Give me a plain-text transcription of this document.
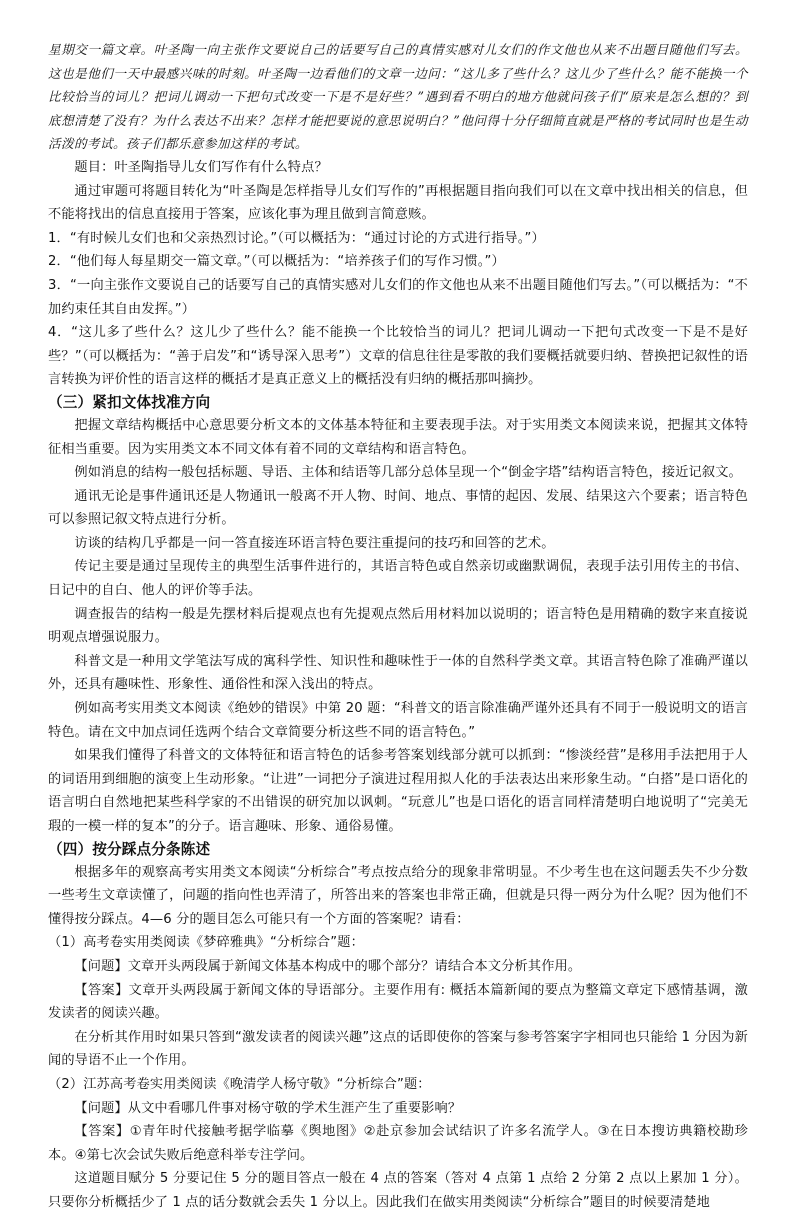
星期交一篇文章。叶圣陶一向主张作文要说自己的话要写自己的真情实感对儿女们的作文他也从来不出题目随他们写去。这也是他们一天中最感兴味的时刻。叶圣陶一边看他们的文章一边问：“这儿多了些什么？这儿少了些什么？能不能换一个比较恰当的词儿？把词儿调动一下把句式改变一下是不是好些？”遇到看不明白的地方他就问孩子们“原来是怎么想的？到底想清楚了没有？为什么表达不出来？怎样才能把要说的意思说明白？”他问得十分仔细简直就是严格的考试同时也是生动活泼的考试。孩子们都乐意参加这样的考试。

题目：叶圣陶指导儿女们写作有什么特点？

通过审题可将题目转化为“叶圣陶是怎样指导儿女们写作的”再根据题目指向我们可以在文章中找出相关的信息，但不能将找出的信息直接用于答案，应该化事为理且做到言简意赅。

1．“有时候儿女们也和父亲热烈讨论。”（可以概括为：“通过讨论的方式进行指导。”）

2．“他们每人每星期交一篇文章。”（可以概括为：“培养孩子们的写作习惯。”）

3．“一向主张作文要说自己的话要写自己的真情实感对儿女们的作文他也从来不出题目随他们写去。”（可以概括为：“不加约束任其自由发挥。”）

4．“这儿多了些什么？这儿少了些什么？能不能换一个比较恰当的词儿？把词儿调动一下把句式改变一下是不是好些？”（可以概括为：“善于启发”和“诱导深入思考”）文章的信息往往是零散的我们要概括就要归纳、替换把记叙性的语言转换为评价性的语言这样的概括才是真正意义上的概括没有归纳的概括那叫摘抄。

（三）紧扣文体找准方向

把握文章结构概括中心意思要分析文本的文体基本特征和主要表现手法。对于实用类文本阅读来说，把握其文体特征相当重要。因为实用类文本不同文体有着不同的文章结构和语言特色。

例如消息的结构一般包括标题、导语、主体和结语等几部分总体呈现一个“倒金字塔”结构语言特色，接近记叙文。

通讯无论是事件通讯还是人物通讯一般离不开人物、时间、地点、事情的起因、发展、结果这六个要素；语言特色可以参照记叙文特点进行分析。

访谈的结构几乎都是一问一答直接连环语言特色要注重提问的技巧和回答的艺术。

传记主要是通过呈现传主的典型生活事件进行的，其语言特色或自然亲切或幽默调侃，表现手法引用传主的书信、日记中的自白、他人的评价等手法。

调查报告的结构一般是先摆材料后提观点也有先提观点然后用材料加以说明的；语言特色是用精确的数字来直接说明观点增强说服力。

科普文是一种用文学笔法写成的寓科学性、知识性和趣味性于一体的自然科学类文章。其语言特色除了准确严谨以外，还具有趣味性、形象性、通俗性和深入浅出的特点。

例如高考实用类文本阅读《绝妙的错误》中第 20 题：“科普文的语言除准确严谨外还具有不同于一般说明文的语言特色。请在文中加点词任选两个结合文章简要分析这些不同的语言特色。”

如果我们懂得了科普文的文体特征和语言特色的话参考答案划线部分就可以抓到：“惨淡经营”是移用手法把用于人的词语用到细胞的演变上生动形象。“让进”一词把分子演进过程用拟人化的手法表达出来形象生动。“白搭”是口语化的语言明白自然地把某些科学家的不出错误的研究加以讽刺。“玩意儿”也是口语化的语言同样清楚明白地说明了“完美无瑕的一模一样的复本”的分子。语言趣味、形象、通俗易懂。

（四）按分踩点分条陈述

根据多年的观察高考实用类文本阅读“分析综合”考点按点给分的现象非常明显。不少考生也在这问题丢失不少分数一些考生文章读懂了，问题的指向性也弄清了，所答出来的答案也非常正确，但就是只得一两分为什么呢？因为他们不懂得按分踩点。4—6 分的题目怎么可能只有一个方面的答案呢？请看：

（1）高考卷实用类阅读《梦碎雅典》“分析综合”题：

【问题】文章开头两段属于新闻文体基本构成中的哪个部分？请结合本文分析其作用。

【答案】文章开头两段属于新闻文体的导语部分。主要作用有: 概括本篇新闻的要点为整篇文章定下感情基调，激发读者的阅读兴趣。

在分析其作用时如果只答到“激发读者的阅读兴趣”这点的话即使你的答案与参考答案字字相同也只能给 1 分因为新闻的导语不止一个作用。

（2）江苏高考卷实用类阅读《晚清学人杨守敬》“分析综合”题：

【问题】从文中看哪几件事对杨守敬的学术生涯产生了重要影响？

【答案】①青年时代接触考据学临摹《舆地图》②赴京参加会试结识了许多名流学人。③在日本搜访典籍校勘珍本。④第七次会试失败后绝意科举专注学问。

这道题目赋分 5 分要记住 5 分的题目答点一般在 4 点的答案（答对 4 点第 1 点给 2 分第 2 点以上累加 1 分）。只要你分析概括少了 1 点的话分数就会丢失 1 分以上。因此我们在做实用类阅读“分析综合”题目的时候要清楚地
